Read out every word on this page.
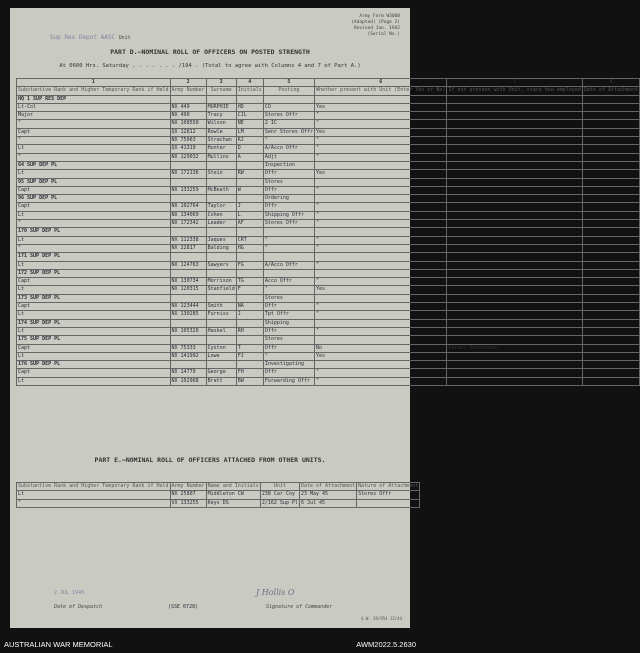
Army Form W3008
(Adapted) (Page 2)
Revised Jan. 1942
(Serial No.)
Sup Res Depot AASC Unit
PART D.—NOMINAL ROLL OF OFFICERS ON POSTED STRENGTH
At 0600 Hrs. Saturday . . . . . . . /194 . (Total to agree with Columns 4 and 7 of Part A.)
1	2	3	4	5	6	7	8
Substantive Rank and Higher Temporary Rank if Held	Army Number	Surname	Initials	Posting	Whether present with Unit (Enter Yes or No)	If not present with Unit, state how employed	Date of Attachment
HQ 1 SUP RES DEP							
Lt-Col	NX 449	MURPHIE	HD	CO	Yes		
Major	NX 490	Tracy	CJL	Stores Offr	"		
"	NX 108550	Wilson	NE	2 IC	"		
Capt	QX 12812	Rowle	LM	Senr Stores Offr	Yes		
"	NX 75063	Strachan	RJ	"	"		
Lt	QX 41319	Hunter	D	A/Acco Offr	"		
"	NX 129032	Mullins	A	Adjt	"		
64 SUP DEP PL				Inspection			
Lt	NX 172136	Stein	RW	Offr	Yes		
95 SUP DEP PL				Stores			
Capt	NX 133259	McBeath	W	Offr	"		
96 SUP DEP PL				Ordering			
Capt	NX 102764	Taylor	J	Offr	"		
Lt	NX 134069	Cohen	L	Shipping Offr	"		
"	NX 172342	Leader	AF	Stores Offr	"		
170 SUP DEP PL							
Lt	NX 112338	Jaques	CRT	"	"		
"	NX 22817	Balding	HG	"	"		
171 SUP DEP PL							
Lt	NX 124763	Sawyers	FG	A/Acco Offr	"		
172 SUP DEP PL							
Capt	NX 130734	Morrison	TG	Acco Offr	"		
Lt	NX 120315	Stanfield	F	"	Yes		
173 SUP DEP PL				Stores			
Capt	NX 123444	Smith	NA	Offr	"		
Lt	NX 130285	Furniss	J	Tpt Offr	"		
174 SUP DEP PL				Shipping			
Lt	NX 105320	Haskel	RH	Offr	"		
175 SUP DEP PL				Stores			
Capt	NX 75333	Cyston	T	Offr	No	Parkes Detachment	
Lt	NX 141992	Lowe	FJ	"	Yes		
176 SUP DEP PL				Investigating			
Capt	NX 14779	George	FH	Offr	"		
Lt	NX 102968	Bratt	BW	Forwarding Offr	"		
PART E.—NOMINAL ROLL OF OFFICERS ATTACHED FROM OTHER UNITS.
Substantive Rank and Higher Temporary Rank if Held	Army Number	Name and Initials	Unit	Date of Attachment	Nature of Attachment
Lt	NX 25807	Middleton CW	238 Car Coy	23 May 45	Stores Offr
"	VX 133255	Keys DS	2/162 Sup Pl	6 Jul 45	
2 JUL 1945
Date of Despatch	(SSE 0728)
J Hollis O
Signature of Commander
A.W. 39/954 12/44
AUSTRALIAN WAR MEMORIAL	AWM2022.5.2630
